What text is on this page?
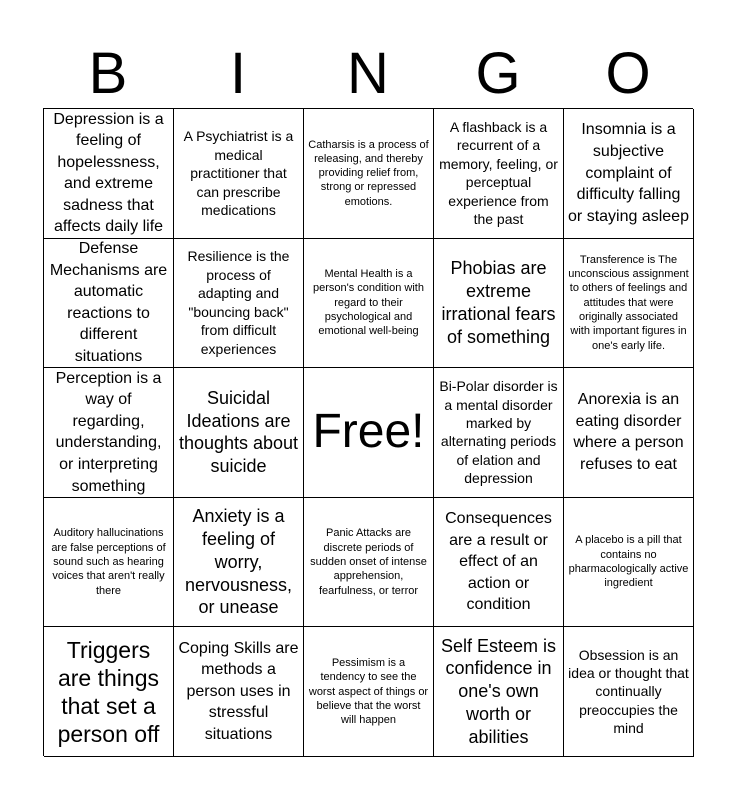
B	I	N	G	O
Depression is a feeling of hopelessness, and extreme sadness that affects daily life
A Psychiatrist is a medical practitioner that can prescribe medications
Catharsis is a process of releasing, and thereby providing relief from, strong or repressed emotions.
A flashback is a recurrent of a memory, feeling, or perceptual experience from the past
Insomnia is a subjective complaint of difficulty falling or staying asleep
Defense Mechanisms are automatic reactions to different situations
Resilience is the process of adapting and "bouncing back" from difficult experiences
Mental Health is a person's condition with regard to their psychological and emotional well-being
Phobias are extreme irrational fears of something
Transference is The unconscious assignment to others of feelings and attitudes that were originally associated with important figures in one's early life.
Perception is a way of regarding, understanding, or interpreting something
Suicidal Ideations are thoughts about suicide
Free!
Bi-Polar disorder is a mental disorder marked by alternating periods of elation and depression
Anorexia is an eating disorder where a person refuses to eat
Auditory hallucinations are false perceptions of sound such as hearing voices that aren't really there
Anxiety is a feeling of worry, nervousness, or unease
Panic Attacks are discrete periods of sudden onset of intense apprehension, fearfulness, or terror
Consequences are a result or effect of an action or condition
A placebo is a pill that contains no pharmacologically active ingredient
Triggers are things that set a person off
Coping Skills are methods a person uses in stressful situations
Pessimism is a tendency to see the worst aspect of things or believe that the worst will happen
Self Esteem is confidence in one's own worth or abilities
Obsession is an idea or thought that continually preoccupies the mind
